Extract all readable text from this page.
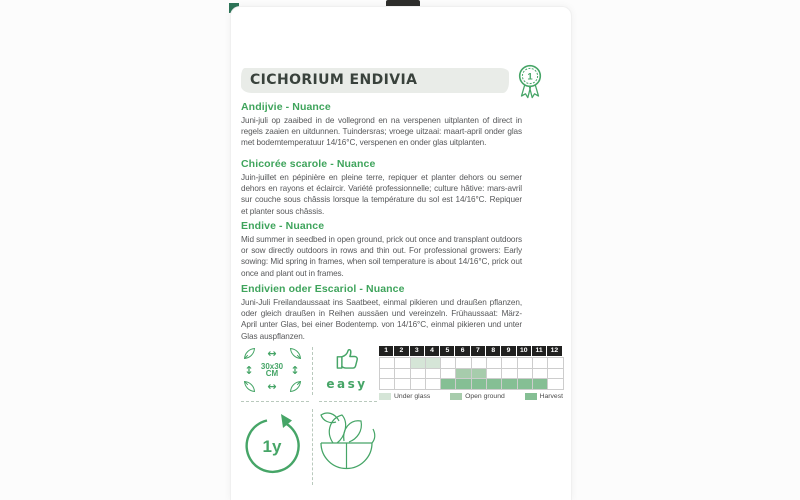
CICHORIUM ENDIVIA	1
Andijvie - Nuance

Juni-juli op zaaibed in de vollegrond en na verspenen uitplanten of direct in regels zaaien en uitdunnen. Tuindersras; vroege uitzaai: maart-april onder glas met bodemtemperatuur 14/16°C, verspenen en onder glas uitplanten.

Chicorée scarole - Nuance

Juin-juillet en pépinière en pleine terre, repiquer et planter dehors ou semer dehors en rayons et éclaircir. Variété professionnelle; culture hâtive: mars-avril sur couche sous châssis lorsque la température du sol est 14/16°C. Repiquer et planter sous châssis.

Endive - Nuance

Mid summer in seedbed in open ground, prick out once and transplant outdoors or sow directly outdoors in rows and thin out. For professional growers: Early sowing: Mid spring in frames, when soil temperature is about 14/16°C, prick out once and plant out in frames.

Endivien oder Escariol - Nuance

Juni-Juli Freilandaussaat ins Saatbeet, einmal pikieren und draußen pflanzen, oder gleich draußen in Reihen aussäen und vereinzeln. Frühaussaat: März-April unter Glas, bei einer Bodentemp. von 14/16°C, einmal pikieren und unter Glas auspflanzen.

↔
↕ 30x30
CM	↕
↔	easy
1y
1	2	3	4	5	6	7	8	9	10	11	12
Under glass	Open ground	Harvest
